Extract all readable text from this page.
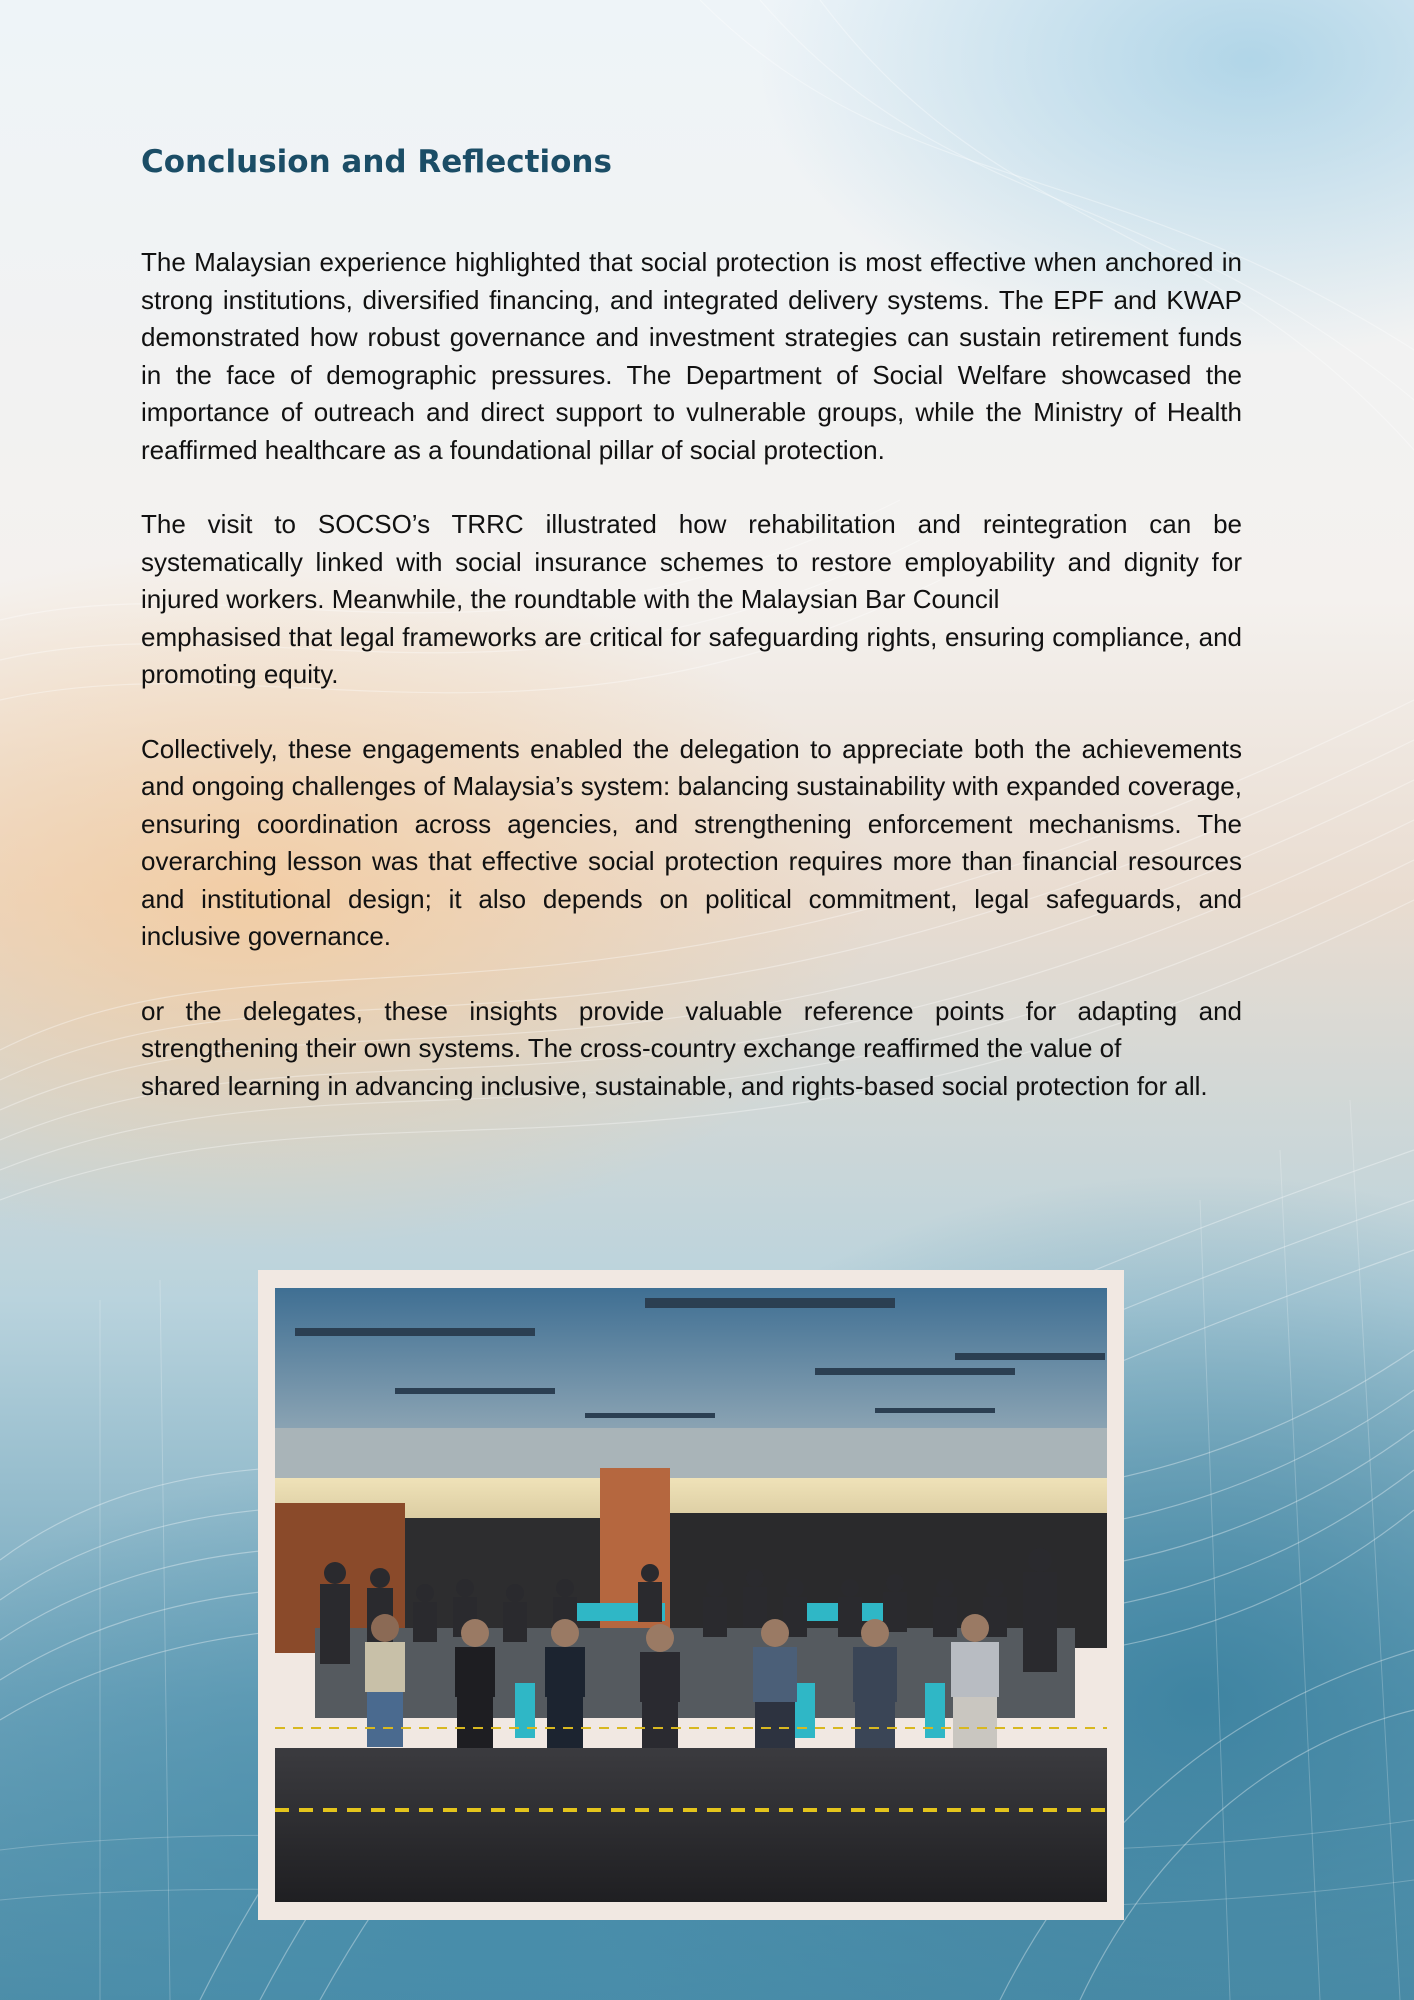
Conclusion and Reflections

The Malaysian experience highlighted that social protection is most effective when anchored in strong institutions, diversified financing, and integrated delivery systems. The EPF and KWAP demonstrated how robust governance and investment strategies can sustain retirement funds in the face of demographic pressures. The Department of Social Welfare showcased the importance of outreach and direct support to vulnerable groups, while the Ministry of Health reaffirmed healthcare as a foundational pillar of social protection.

The visit to SOCSO’s TRRC illustrated how rehabilitation and reintegration can be systematically linked with social insurance schemes to restore employability and dignity for injured workers. Meanwhile, the roundtable with the Malaysian Bar Council
emphasised that legal frameworks are critical for safeguarding rights, ensuring compliance, and promoting equity.

Collectively, these engagements enabled the delegation to appreciate both the achievements and ongoing challenges of Malaysia’s system: balancing sustainability with expanded coverage, ensuring coordination across agencies, and strengthening enforcement mechanisms. The overarching lesson was that effective social protection requires more than financial resources and institutional design; it also depends on political commitment, legal safeguards, and inclusive governance.

or the delegates, these insights provide valuable reference points for adapting and strengthening their own systems. The cross-country exchange reaffirmed the value of
shared learning in advancing inclusive, sustainable, and rights-based social protection for all.
